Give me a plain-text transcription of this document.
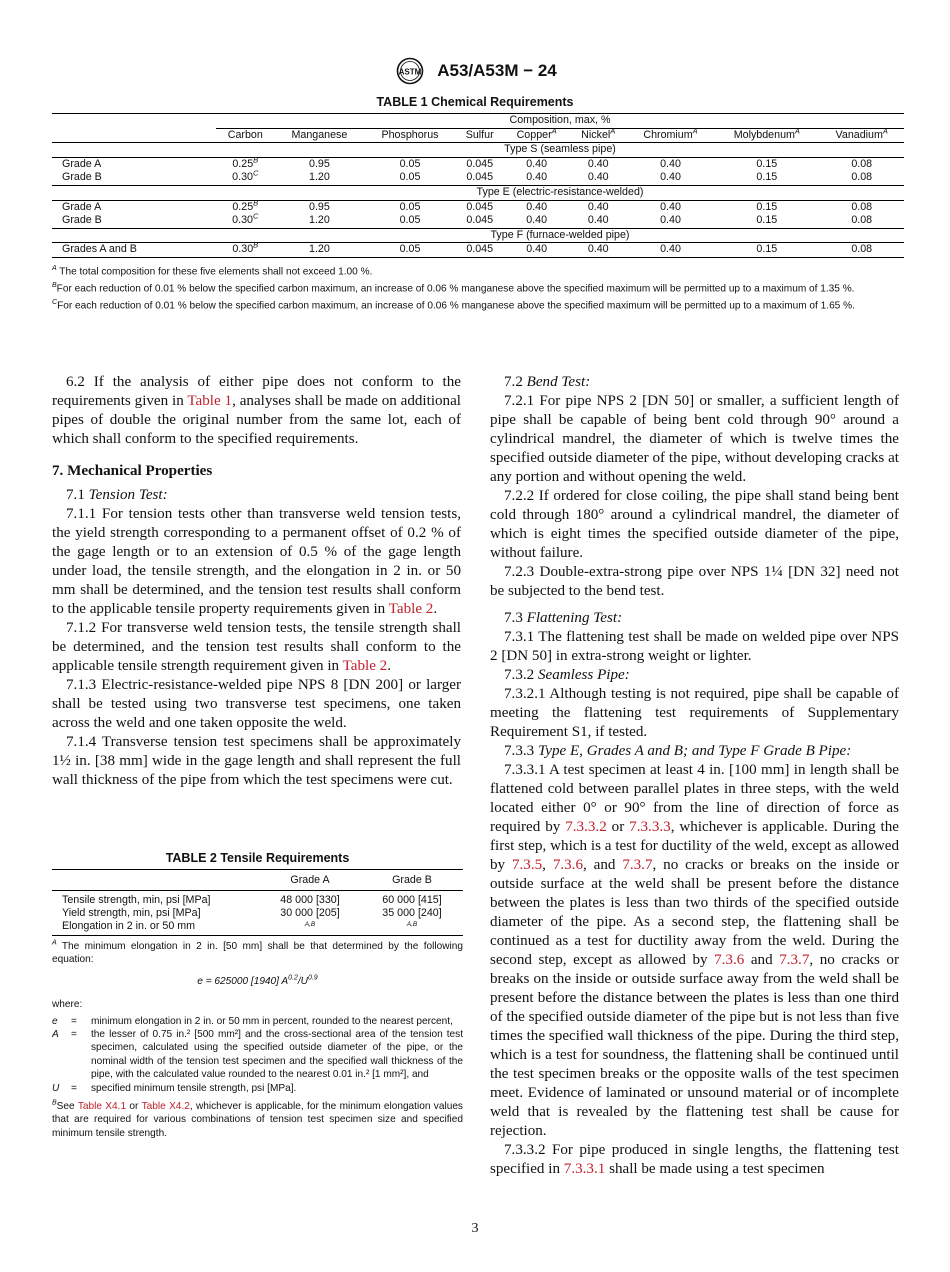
ASTM A53/A53M − 24
TABLE 1 Chemical Requirements
	Composition, max, %								
	Carbon	Manganese	Phosphorus	Sulfur	Copper$^A$	Nickel$^A$	Chromium$^A$	Molybdenum$^A$	Vanadium$^A$
	Type S (seamless pipe)								
Grade A	$0.25^B$	0.95	0.05	0.045	0.40	0.40	0.40	0.15	0.08
Grade B	$0.30^C$	1.20	0.05	0.045	0.40	0.40	0.40	0.15	0.08
	Type E (electric-resistance-welded)								
Grade A	$0.25^B$	0.95	0.05	0.045	0.40	0.40	0.40	0.15	0.08
Grade B	$0.30^C$	1.20	0.05	0.045	0.40	0.40	0.40	0.15	0.08
	Type F (furnace-welded pipe)								
Grades A and B	$0.30^B$	1.20	0.05	0.045	0.40	0.40	0.40	0.15	0.08

$^A$ The total composition for these five elements shall not exceed 1.00 %.

$^B$For each reduction of 0.01 % below the specified carbon maximum, an increase of 0.06 % manganese above the specified maximum will be permitted up to a maximum of 1.35 %.

$^C$For each reduction of 0.01 % below the specified carbon maximum, an increase of 0.06 % manganese above the specified maximum will be permitted up to a maximum of 1.65 %.

6.2 If the analysis of either pipe does not conform to the requirements given in Table 1, analyses shall be made on additional pipes of double the original number from the same lot, each of which shall conform to the specified requirements.

7. Mechanical Properties

7.1 Tension Test:

7.1.1 For tension tests other than transverse weld tension tests, the yield strength corresponding to a permanent offset of 0.2 % of the gage length or to an extension of 0.5 % of the gage length under load, the tensile strength, and the elongation in 2 in. or 50 mm shall be determined, and the tension test results shall conform to the applicable tensile property requirements given in Table 2.

7.1.2 For transverse weld tension tests, the tensile strength shall be determined, and the tension test results shall conform to the applicable tensile strength requirement given in Table 2.

7.1.3 Electric-resistance-welded pipe NPS 8 [DN 200] or larger shall be tested using two transverse test specimens, one taken across the weld and one taken opposite the weld.

7.1.4 Transverse tension test specimens shall be approximately 1½ in. [38 mm] wide in the gage length and shall represent the full wall thickness of the pipe from which the test specimens were cut.

TABLE 2 Tensile Requirements
	Grade A	Grade B
Tensile strength, min, psi [MPa]	48 000 [330]	60 000 [415]
Yield strength, min, psi [MPa]	30 000 [205]	35 000 [240]
Elongation in 2 in. or 50 mm	$^{A,B}$	$^{A,B}$

$^A$ The minimum elongation in 2 in. [50 mm] shall be that determined by the following equation:

e = 625000 [1940] $A^{0.2}/U^{0.9}$

where:

e = minimum elongation in 2 in. or 50 mm in percent, rounded to the nearest percent,

A = the lesser of 0.75 in.² [500 mm²] and the cross-sectional area of the tension test specimen, calculated using the specified outside diameter of the pipe, or the nominal width of the tension test specimen and the specified wall thickness of the pipe, with the calculated value rounded to the nearest 0.01 in.² [1 mm²], and

U = specified minimum tensile strength, psi [MPa].

$^B$See Table X4.1 or Table X4.2, whichever is applicable, for the minimum elongation values that are required for various combinations of tension test specimen size and specified minimum tensile strength.

7.2 Bend Test:

7.2.1 For pipe NPS 2 [DN 50] or smaller, a sufficient length of pipe shall be capable of being bent cold through 90° around a cylindrical mandrel, the diameter of which is twelve times the specified outside diameter of the pipe, without developing cracks at any portion and without opening the weld.

7.2.2 If ordered for close coiling, the pipe shall stand being bent cold through 180° around a cylindrical mandrel, the diameter of which is eight times the specified outside diameter of the pipe, without failure.

7.2.3 Double-extra-strong pipe over NPS 1¼ [DN 32] need not be subjected to the bend test.

7.3 Flattening Test:

7.3.1 The flattening test shall be made on welded pipe over NPS 2 [DN 50] in extra-strong weight or lighter.

7.3.2 Seamless Pipe:

7.3.2.1 Although testing is not required, pipe shall be capable of meeting the flattening test requirements of Supplementary Requirement S1, if tested.

7.3.3 Type E, Grades A and B; and Type F Grade B Pipe:

7.3.3.1 A test specimen at least 4 in. [100 mm] in length shall be flattened cold between parallel plates in three steps, with the weld located either 0° or 90° from the line of direction of force as required by 7.3.3.2 or 7.3.3.3, whichever is applicable. During the first step, which is a test for ductility of the weld, except as allowed by 7.3.5, 7.3.6, and 7.3.7, no cracks or breaks on the inside or outside surface at the weld shall be present before the distance between the plates is less than two thirds of the specified outside diameter of the pipe. As a second step, the flattening shall be continued as a test for ductility away from the weld. During the second step, except as allowed by 7.3.6 and 7.3.7, no cracks or breaks on the inside or outside surface away from the weld shall be present before the distance between the plates is less than one third of the specified outside diameter of the pipe but is not less than five times the specified wall thickness of the pipe. During the third step, which is a test for soundness, the flattening shall be continued until the test specimen breaks or the opposite walls of the test specimen meet. Evidence of laminated or unsound material or of incomplete weld that is revealed by the flattening test shall be cause for rejection.

7.3.3.2 For pipe produced in single lengths, the flattening test specified in 7.3.3.1 shall be made using a test specimen

3
